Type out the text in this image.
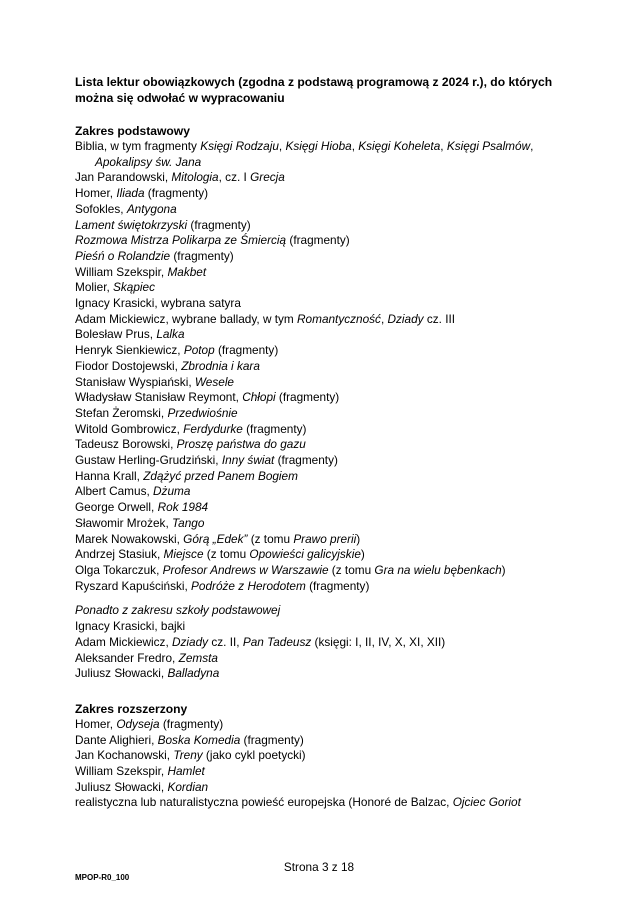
Lista lektur obowiązkowych (zgodna z podstawą programową z 2024 r.), do których można się odwołać w wypracowaniu

Zakres podstawowy
Biblia, w tym fragmenty Księgi Rodzaju, Księgi Hioba, Księgi Koheleta, Księgi Psalmów, Apokalipsy św. Jana
Jan Parandowski, Mitologia, cz. I Grecja
Homer, Iliada (fragmenty)
Sofokles, Antygona
Lament świętokrzyski (fragmenty)
Rozmowa Mistrza Polikarpa ze Śmiercią (fragmenty)
Pieśń o Rolandzie (fragmenty)
William Szekspir, Makbet
Molier, Skąpiec
Ignacy Krasicki, wybrana satyra
Adam Mickiewicz, wybrane ballady, w tym Romantyczność, Dziady cz. III
Bolesław Prus, Lalka
Henryk Sienkiewicz, Potop (fragmenty)
Fiodor Dostojewski, Zbrodnia i kara
Stanisław Wyspiański, Wesele
Władysław Stanisław Reymont, Chłopi (fragmenty)
Stefan Żeromski, Przedwiośnie
Witold Gombrowicz, Ferdydurke (fragmenty)
Tadeusz Borowski, Proszę państwa do gazu
Gustaw Herling-Grudziński, Inny świat (fragmenty)
Hanna Krall, Zdążyć przed Panem Bogiem
Albert Camus, Dżuma
George Orwell, Rok 1984
Sławomir Mrożek, Tango
Marek Nowakowski, Górą „Edek” (z tomu Prawo prerii)
Andrzej Stasiuk, Miejsce (z tomu Opowieści galicyjskie)
Olga Tokarczuk, Profesor Andrews w Warszawie (z tomu Gra na wielu bębenkach)
Ryszard Kapuściński, Podróże z Herodotem (fragmenty)
Ponadto z zakresu szkoły podstawowej
Ignacy Krasicki, bajki
Adam Mickiewicz, Dziady cz. II, Pan Tadeusz (księgi: I, II, IV, X, XI, XII)
Aleksander Fredro, Zemsta
Juliusz Słowacki, Balladyna
Zakres rozszerzony
Homer, Odyseja (fragmenty)
Dante Alighieri, Boska Komedia (fragmenty)
Jan Kochanowski, Treny (jako cykl poetycki)
William Szekspir, Hamlet
Juliusz Słowacki, Kordian
realistyczna lub naturalistyczna powieść europejska (Honoré de Balzac, Ojciec Goriot
Strona 3 z 18
MPOP-R0_100
